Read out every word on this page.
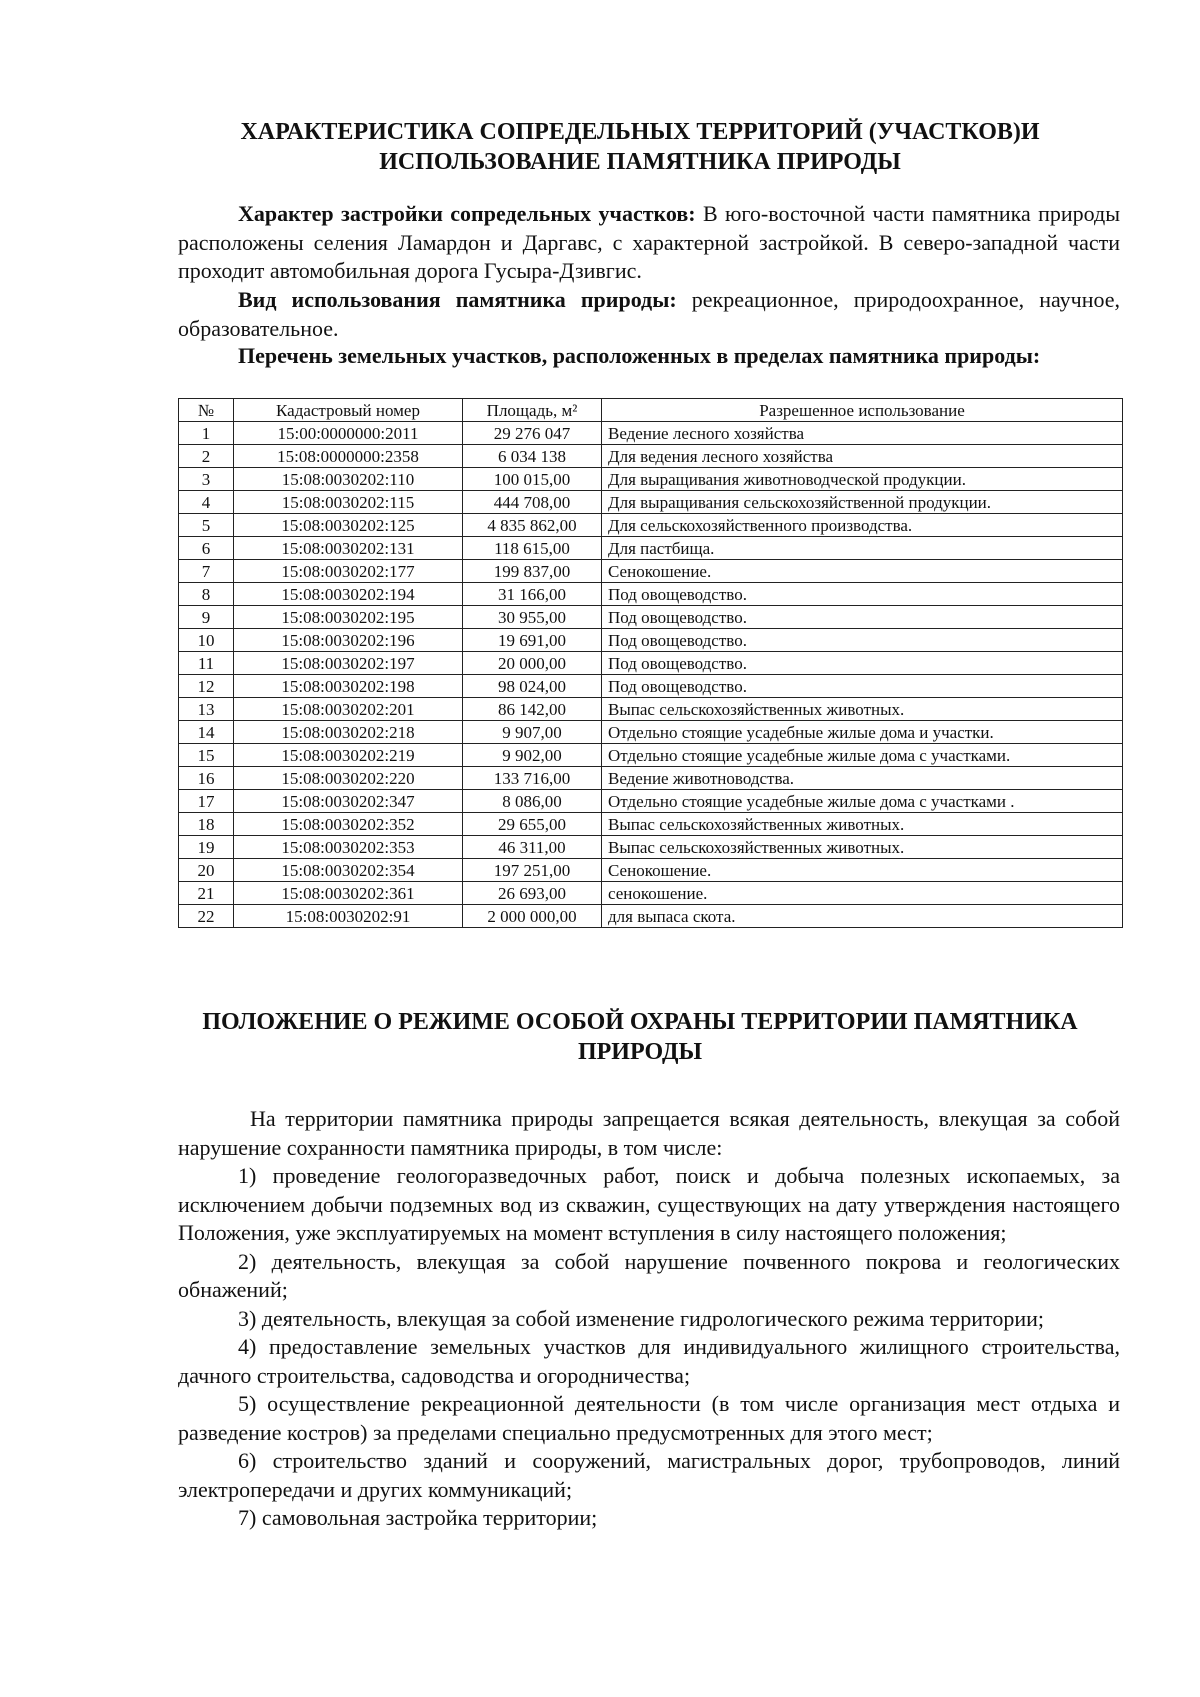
ХАРАКТЕРИСТИКА СОПРЕДЕЛЬНЫХ ТЕРРИТОРИЙ (УЧАСТКОВ)И
ИСПОЛЬЗОВАНИЕ ПАМЯТНИКА ПРИРОДЫ

Характер застройки сопредельных участков: В юго-восточной части памятника природы расположены селения Ламардон и Даргавс, с характерной застройкой. В северо-западной части проходит автомобильная дорога Гусыра-Дзивгис.

Вид использования памятника природы: рекреационное, природоохранное, научное, образовательное.

Перечень земельных участков, расположенных в пределах памятника природы:

№	Кадастровый номер	Площадь, м²	Разрешенное использование
1	15:00:0000000:2011	29 276 047	Ведение лесного хозяйства
2	15:08:0000000:2358	6 034 138	Для ведения лесного хозяйства
3	15:08:0030202:110	100 015,00	Для выращивания животноводческой продукции.
4	15:08:0030202:115	444 708,00	Для выращивания сельскохозяйственной продукции.
5	15:08:0030202:125	4 835 862,00	Для сельскохозяйственного производства.
6	15:08:0030202:131	118 615,00	Для пастбища.
7	15:08:0030202:177	199 837,00	Сенокошение.
8	15:08:0030202:194	31 166,00	Под овощеводство.
9	15:08:0030202:195	30 955,00	Под овощеводство.
10	15:08:0030202:196	19 691,00	Под овощеводство.
11	15:08:0030202:197	20 000,00	Под овощеводство.
12	15:08:0030202:198	98 024,00	Под овощеводство.
13	15:08:0030202:201	86 142,00	Выпас сельскохозяйственных животных.
14	15:08:0030202:218	9 907,00	Отдельно стоящие усадебные жилые дома и участки.
15	15:08:0030202:219	9 902,00	Отдельно стоящие усадебные жилые дома с участками.
16	15:08:0030202:220	133 716,00	Ведение животноводства.
17	15:08:0030202:347	8 086,00	Отдельно стоящие усадебные жилые дома с участками .
18	15:08:0030202:352	29 655,00	Выпас сельскохозяйственных животных.
19	15:08:0030202:353	46 311,00	Выпас сельскохозяйственных животных.
20	15:08:0030202:354	197 251,00	Сенокошение.
21	15:08:0030202:361	26 693,00	сенокошение.
22	15:08:0030202:91	2 000 000,00	для выпаса скота.
ПОЛОЖЕНИЕ О РЕЖИМЕ ОСОБОЙ ОХРАНЫ ТЕРРИТОРИИ ПАМЯТНИКА
ПРИРОДЫ

На территории памятника природы запрещается всякая деятельность, влекущая за собой нарушение сохранности памятника природы, в том числе:

1) проведение геологоразведочных работ, поиск и добыча полезных ископаемых, за исключением добычи подземных вод из скважин, существующих на дату утверждения настоящего Положения, уже эксплуатируемых на момент вступления в силу настоящего положения;

2) деятельность, влекущая за собой нарушение почвенного покрова и геологических обнажений;

3) деятельность, влекущая за собой изменение гидрологического режима территории;

4) предоставление земельных участков для индивидуального жилищного строительства, дачного строительства, садоводства и огородничества;

5) осуществление рекреационной деятельности (в том числе организация мест отдыха и разведение костров) за пределами специально предусмотренных для этого мест;

6) строительство зданий и сооружений, магистральных дорог, трубопроводов, линий электропередачи и других коммуникаций;

7) самовольная застройка территории;
